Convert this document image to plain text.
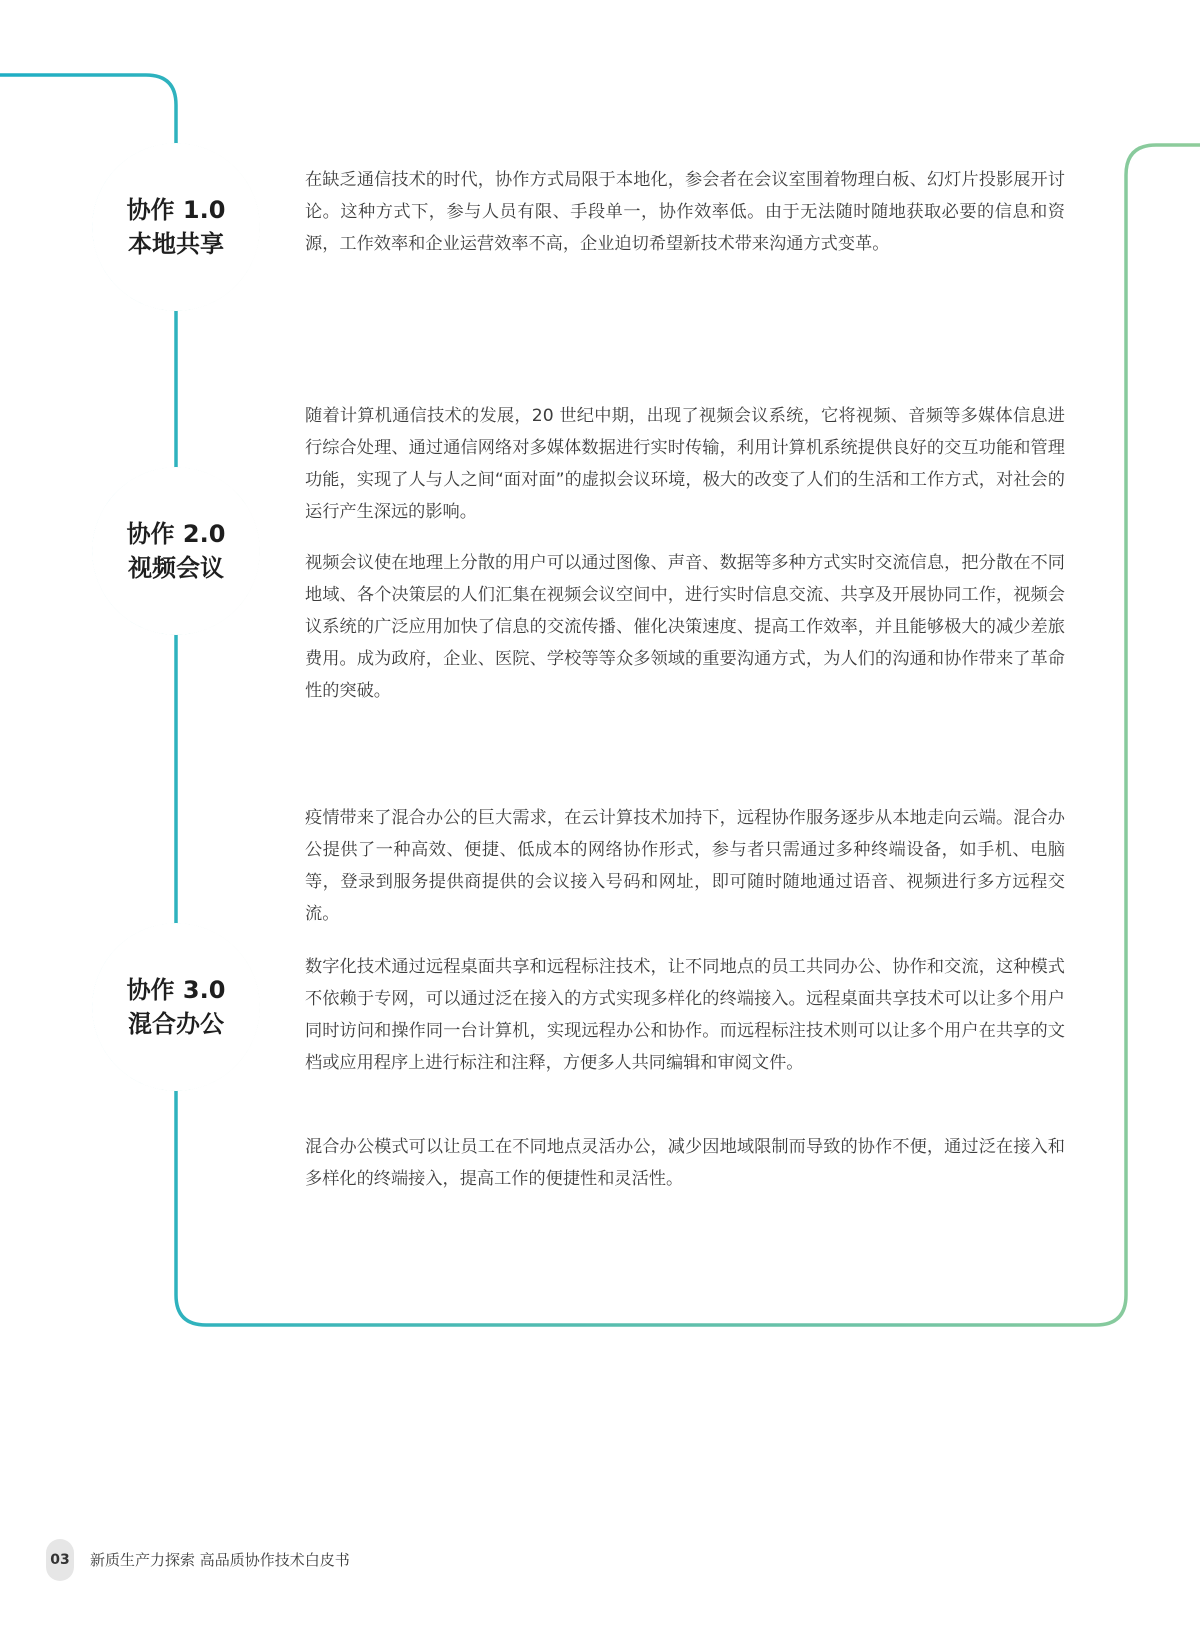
协作 1.0
本地共享
协作 2.0
视频会议
协作 3.0
混合办公

在缺乏通信技术的时代，协作方式局限于本地化，参会者在会议室围着物理白板、幻灯片投影展开讨论。这种方式下，参与人员有限、手段单一，协作效率低。由于无法随时随地获取必要的信息和资源，工作效率和企业运营效率不高，企业迫切希望新技术带来沟通方式变革。

随着计算机通信技术的发展，20 世纪中期，出现了视频会议系统，它将视频、音频等多媒体信息进行综合处理、通过通信网络对多媒体数据进行实时传输，利用计算机系统提供良好的交互功能和管理功能，实现了人与人之间“面对面”的虚拟会议环境，极大的改变了人们的生活和工作方式，对社会的运行产生深远的影响。

视频会议使在地理上分散的用户可以通过图像、声音、数据等多种方式实时交流信息，把分散在不同地域、各个决策层的人们汇集在视频会议空间中，进行实时信息交流、共享及开展协同工作，视频会议系统的广泛应用加快了信息的交流传播、催化决策速度、提高工作效率，并且能够极大的减少差旅费用。成为政府，企业、医院、学校等等众多领域的重要沟通方式，为人们的沟通和协作带来了革命性的突破。

疫情带来了混合办公的巨大需求，在云计算技术加持下，远程协作服务逐步从本地走向云端。混合办公提供了一种高效、便捷、低成本的网络协作形式，参与者只需通过多种终端设备，如手机、电脑等，登录到服务提供商提供的会议接入号码和网址，即可随时随地通过语音、视频进行多方远程交流。

数字化技术通过远程桌面共享和远程标注技术，让不同地点的员工共同办公、协作和交流，这种模式不依赖于专网，可以通过泛在接入的方式实现多样化的终端接入。远程桌面共享技术可以让多个用户同时访问和操作同一台计算机，实现远程办公和协作。而远程标注技术则可以让多个用户在共享的文档或应用程序上进行标注和注释，方便多人共同编辑和审阅文件。

混合办公模式可以让员工在不同地点灵活办公，减少因地域限制而导致的协作不便，通过泛在接入和多样化的终端接入，提高工作的便捷性和灵活性。

03 新质生产力探索 高品质协作技术白皮书
